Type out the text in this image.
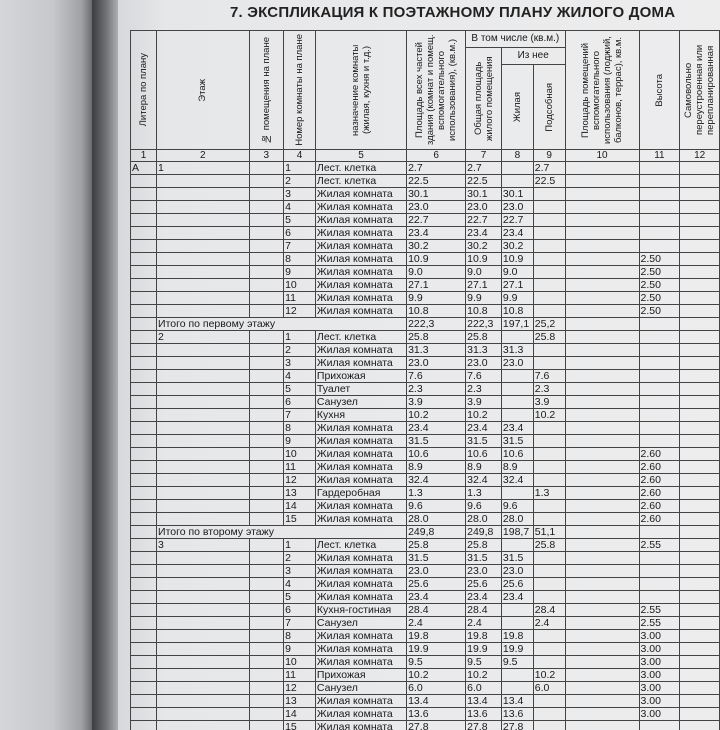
7. ЭКСПЛИКАЦИЯ К ПОЭТАЖНОМУ ПЛАНУ ЖИЛОГО ДОМА
Литера по плану	Этаж	№ помещения на плане	Номер комнаты на плане	назначение комнаты (жилая, кухня и т.д.)	Площадь всех частей здания (комнат и помещ. вспомогательного использования), (кв.м.)	В том числе (кв.м.)			Площадь помещений вспомогательного использования (лоджий, балконов, террас), кв.м.	Высота	Самовольно переустроенная или перепланированная

						Общая площадь жилого помещения	Из нее				

							Жилая	Подсобная			

1	2	3	4	5	6	7	8	9	10	11	12
А	1		1	Лест. клетка	2.7	2.7		2.7			
			2	Лест. клетка	22.5	22.5		22.5			
			3	Жилая комната	30.1	30.1	30.1				
			4	Жилая комната	23.0	23.0	23.0				
			5	Жилая комната	22.7	22.7	22.7				
			6	Жилая комната	23.4	23.4	23.4				
			7	Жилая комната	30.2	30.2	30.2				
			8	Жилая комната	10.9	10.9	10.9			2.50	
			9	Жилая комната	9.0	9.0	9.0			2.50	
			10	Жилая комната	27.1	27.1	27.1			2.50	
			11	Жилая комната	9.9	9.9	9.9			2.50	
			12	Жилая комната	10.8	10.8	10.8			2.50	
	Итого по первому этажу				222,3	222,3	197,1	25,2			
	2		1	Лест. клетка	25.8	25.8		25.8			
			2	Жилая комната	31.3	31.3	31.3				
			3	Жилая комната	23.0	23.0	23.0				
			4	Прихожая	7.6	7.6		7.6			
			5	Туалет	2.3	2.3		2.3			
			6	Санузел	3.9	3.9		3.9			
			7	Кухня	10.2	10.2		10.2			
			8	Жилая комната	23.4	23.4	23.4				
			9	Жилая комната	31.5	31.5	31.5				
			10	Жилая комната	10.6	10.6	10.6			2.60	
			11	Жилая комната	8.9	8.9	8.9			2.60	
			12	Жилая комната	32.4	32.4	32.4			2.60	
			13	Гардеробная	1.3	1.3		1.3		2.60	
			14	Жилая комната	9.6	9.6	9.6			2.60	
			15	Жилая комната	28.0	28.0	28.0			2.60	
	Итого по второму этажу				249,8	249,8	198,7	51,1			
	3		1	Лест. клетка	25.8	25.8		25.8		2.55	
			2	Жилая комната	31.5	31.5	31.5				
			3	Жилая комната	23.0	23.0	23.0				
			4	Жилая комната	25.6	25.6	25.6				
			5	Жилая комната	23.4	23.4	23.4				
			6	Кухня-гостиная	28.4	28.4		28.4		2.55	
			7	Санузел	2.4	2.4		2.4		2.55	
			8	Жилая комната	19.8	19.8	19.8			3.00	
			9	Жилая комната	19.9	19.9	19.9			3.00	
			10	Жилая комната	9.5	9.5	9.5			3.00	
			11	Прихожая	10.2	10.2		10.2		3.00	
			12	Санузел	6.0	6.0		6.0		3.00	
			13	Жилая комната	13.4	13.4	13.4			3.00	
			14	Жилая комната	13.6	13.6	13.6			3.00	
			15	Жилая комната	27.8	27.8	27.8				
